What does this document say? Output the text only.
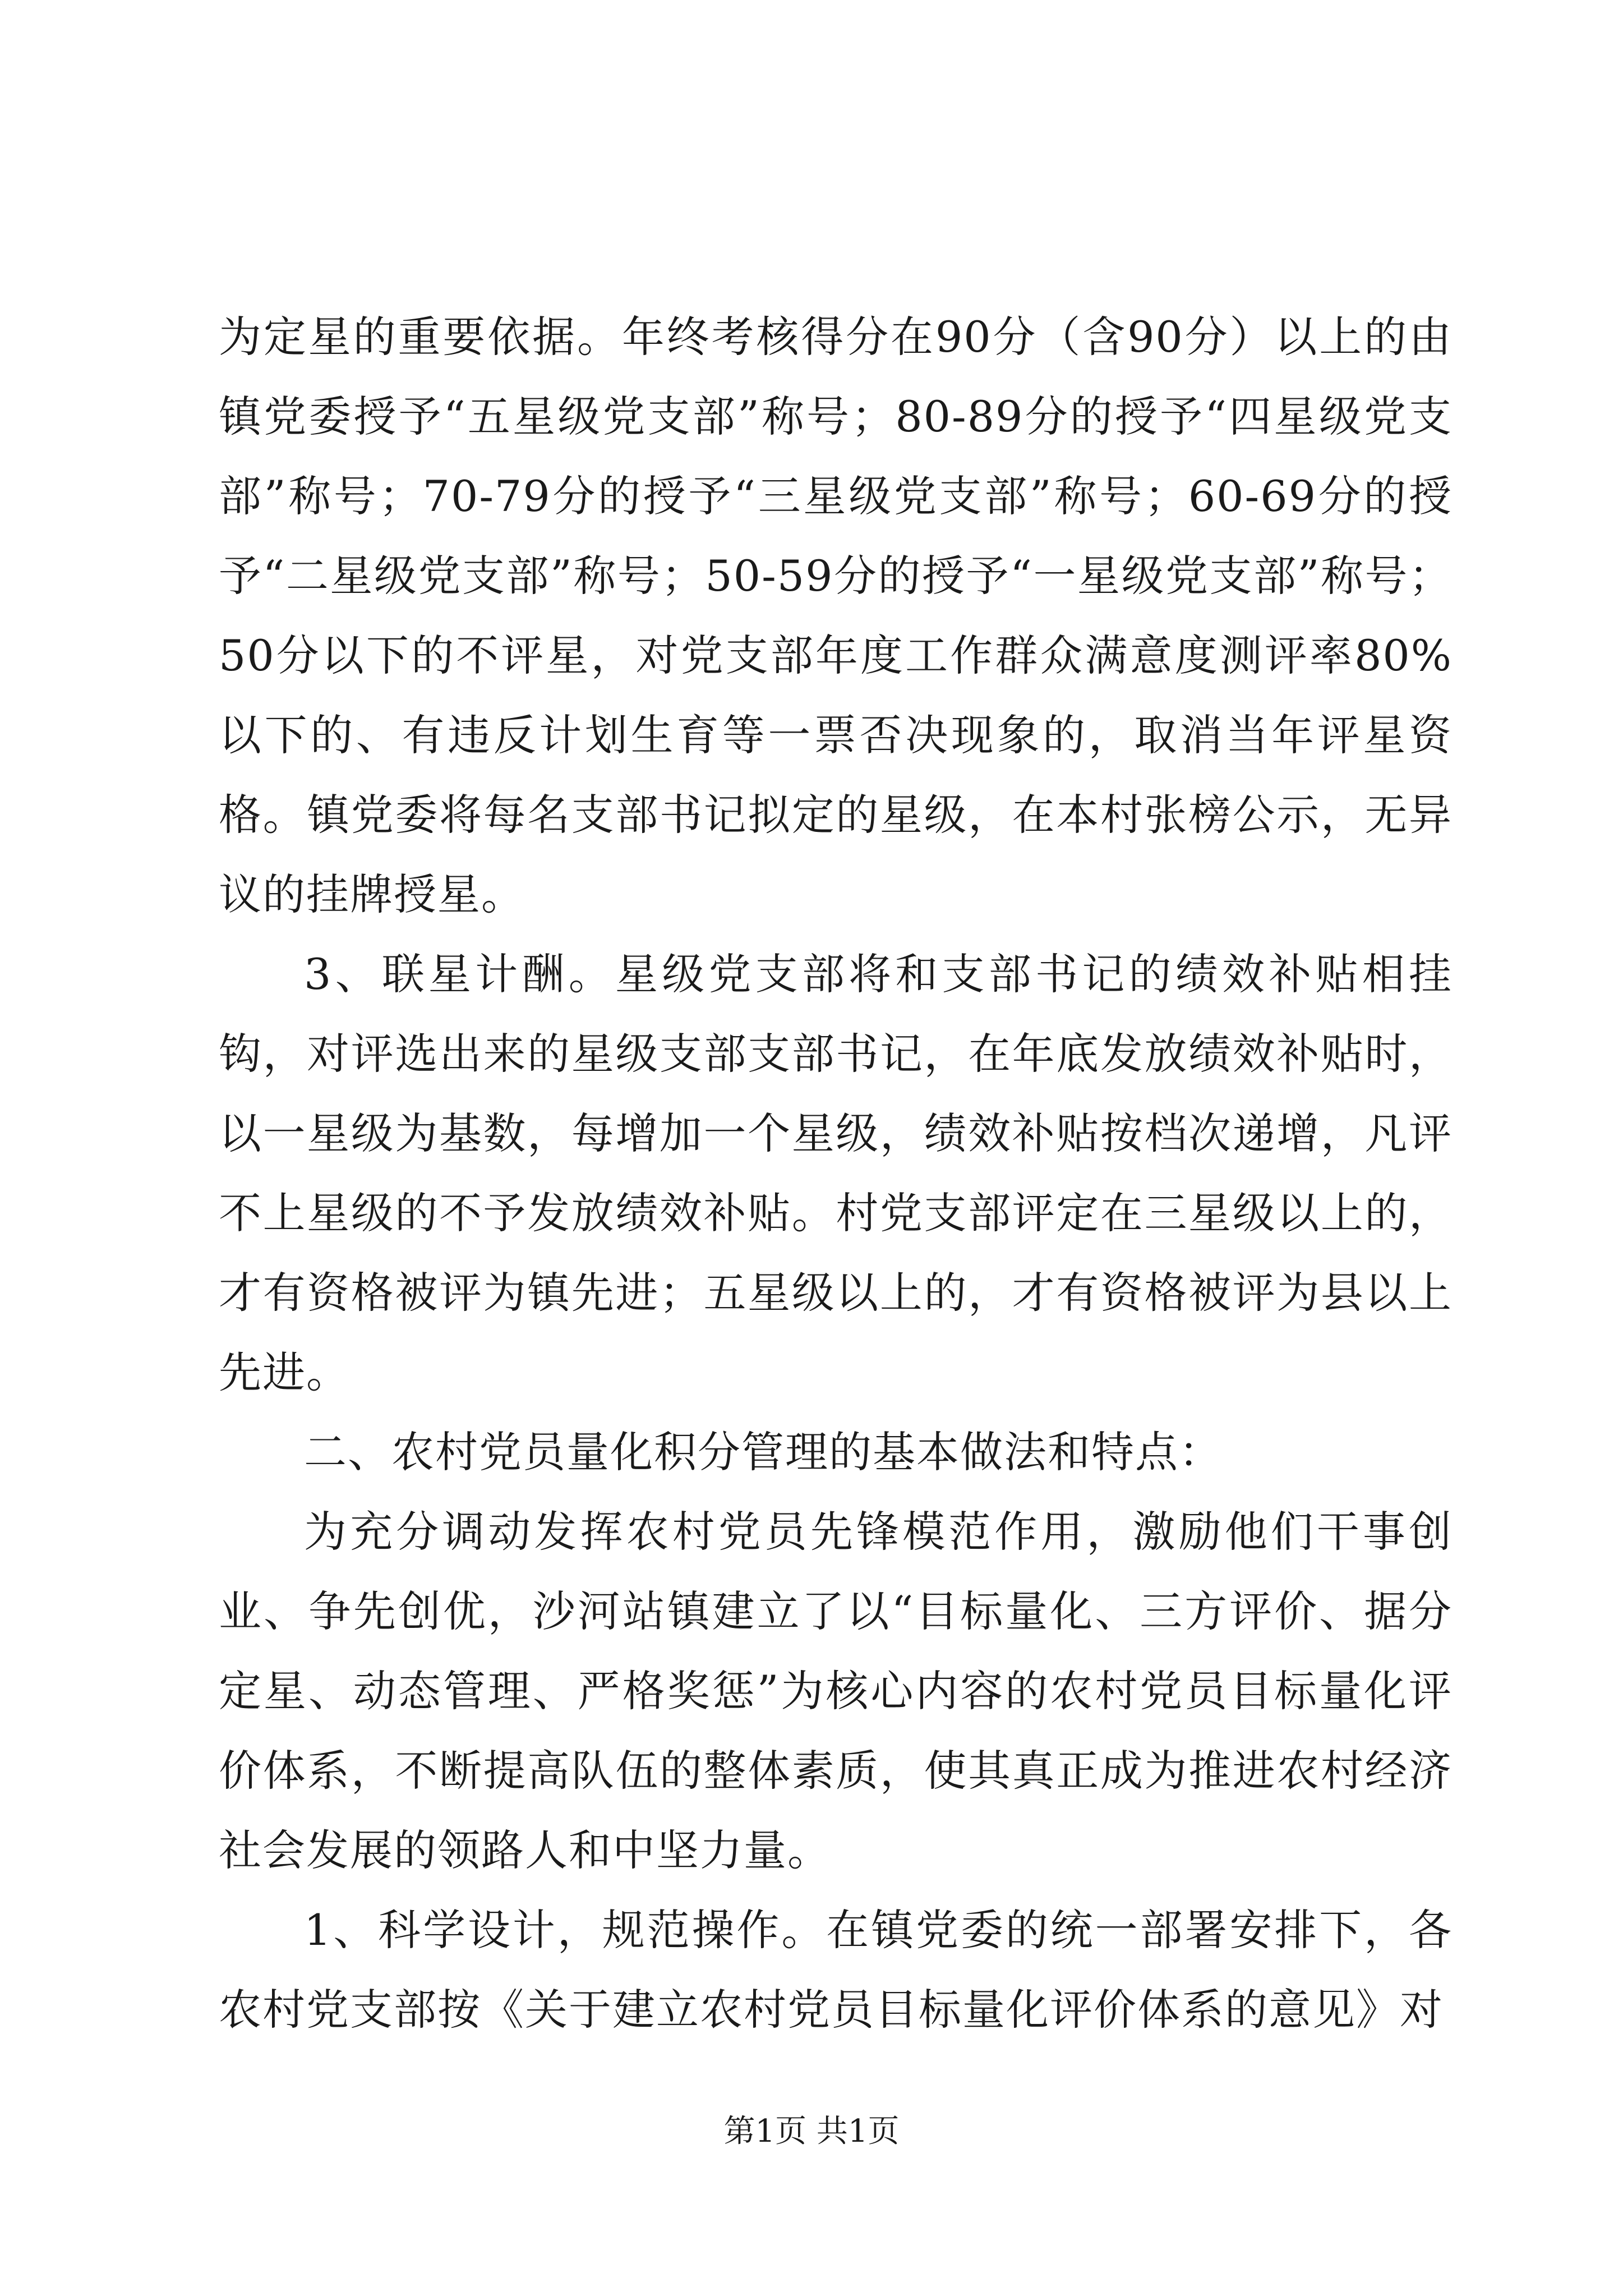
为定星的重要依据。年终考核得分在90分（含90分）以上的由镇党委授予“五星级党支部”称号；80-89分的授予“四星级党支部”称号；70-79分的授予“三星级党支部”称号；60-69分的授予“二星级党支部”称号；50-59分的授予“一星级党支部”称号；50分以下的不评星，对党支部年度工作群众满意度测评率80%以下的、有违反计划生育等一票否决现象的，取消当年评星资格。镇党委将每名支部书记拟定的星级，在本村张榜公示，无异议的挂牌授星。

3、联星计酬。星级党支部将和支部书记的绩效补贴相挂钩，对评选出来的星级支部支部书记，在年底发放绩效补贴时，以一星级为基数，每增加一个星级，绩效补贴按档次递增，凡评不上星级的不予发放绩效补贴。村党支部评定在三星级以上的，才有资格被评为镇先进；五星级以上的，才有资格被评为县以上先进。

二、农村党员量化积分管理的基本做法和特点：

为充分调动发挥农村党员先锋模范作用，激励他们干事创业、争先创优，沙河站镇建立了以“目标量化、三方评价、据分定星、动态管理、严格奖惩”为核心内容的农村党员目标量化评价体系，不断提高队伍的整体素质，使其真正成为推进农村经济社会发展的领路人和中坚力量。

1、科学设计，规范操作。在镇党委的统一部署安排下，各农村党支部按《关于建立农村党员目标量化评价体系的意见》对

第1页 共1页
